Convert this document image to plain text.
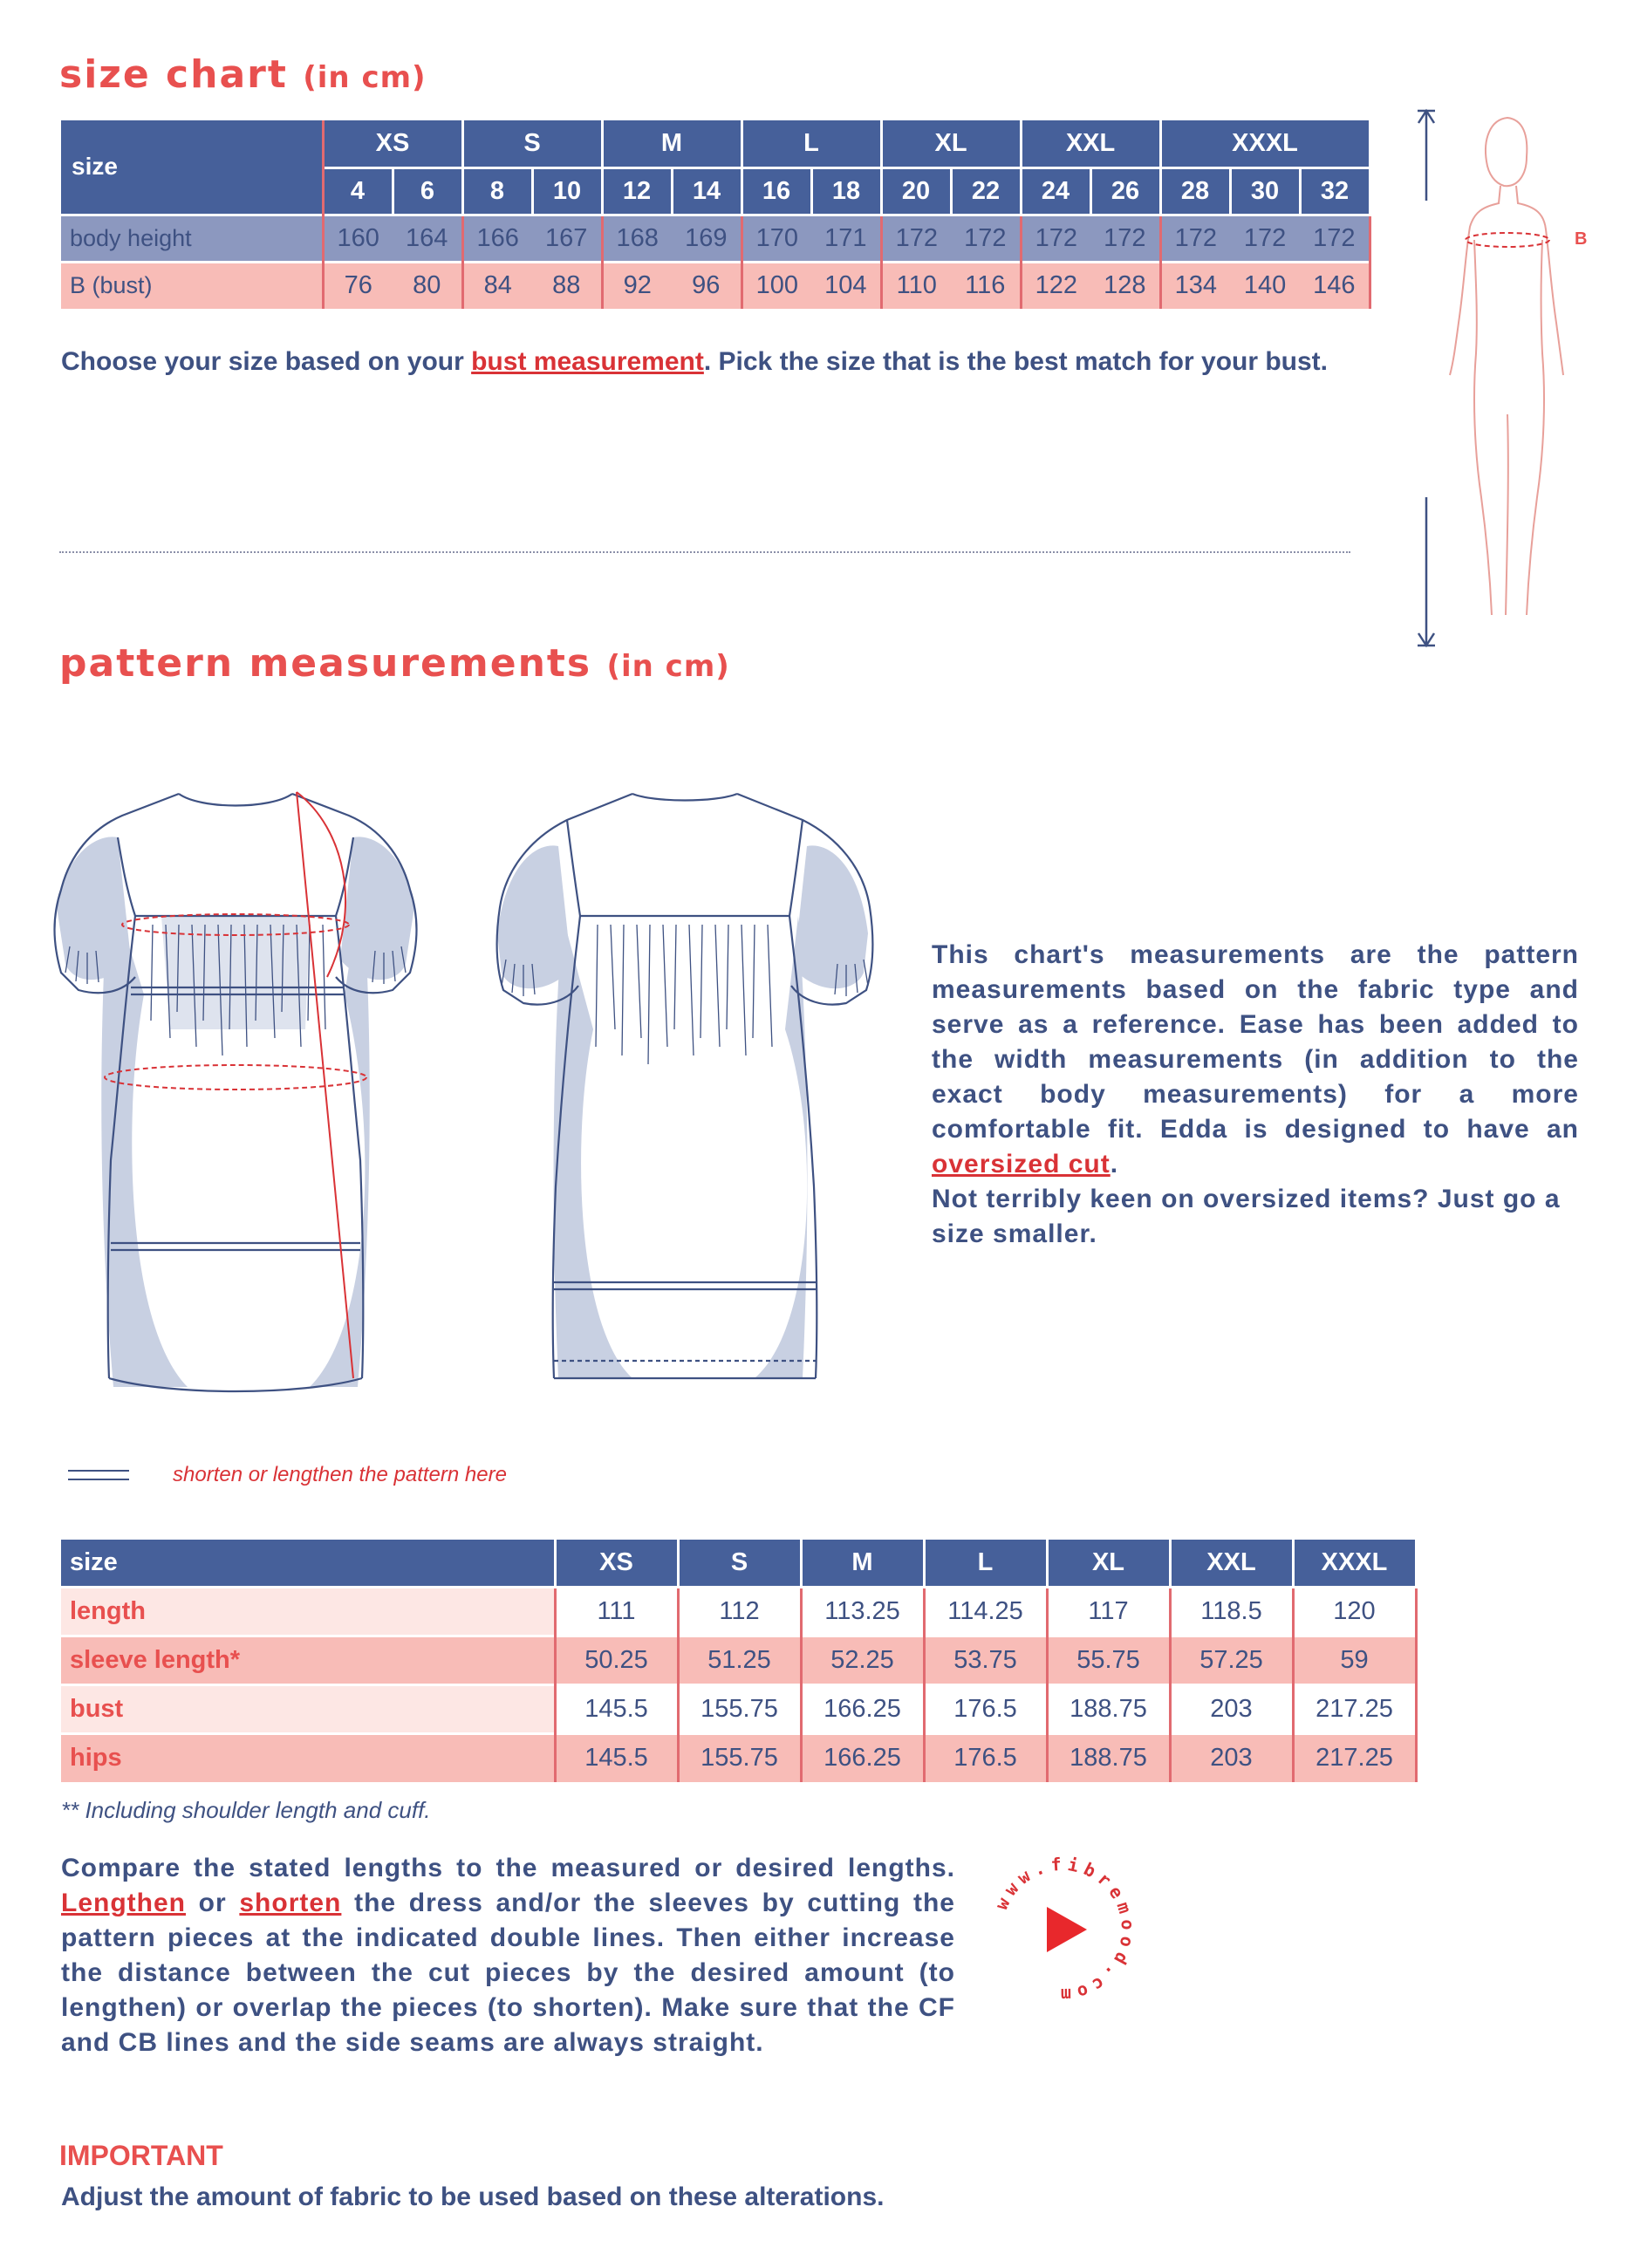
size chart (in cm)
size	XS		S		M		L		XL		XXL		XXXL		
	4	6	8	10	12	14	16	18	20	22	24	26	28	30	32
body height	160	164	166	167	168	169	170	171	172	172	172	172	172	172	172
B (bust)	76	80	84	88	92	96	100	104	110	116	122	128	134	140	146
Choose your size based on your bust measurement. Pick the size that is the best match for your bust.
B
pattern measurements (in cm)
This chart's measurements are the pattern measurements based on the fabric type and serve as a reference. Ease has been added to the width measurements (in addition to the exact body measurements) for a more comfortable fit. Edda is designed to have an oversized cut.
Not terribly keen on oversized items? Just go a size smaller.
shorten or lengthen the pattern here
size	XS	S	M	L	XL	XXL	XXXL
length	111	112	113.25	114.25	117	118.5	120
sleeve length*	50.25	51.25	52.25	53.75	55.75	57.25	59
bust	145.5	155.75	166.25	176.5	188.75	203	217.25
hips	145.5	155.75	166.25	176.5	188.75	203	217.25
** Including shoulder length and cuff.
Compare the stated lengths to the measured or desired lengths. Lengthen or shorten the dress and/or the sleeves by cutting the pattern pieces at the indicated double lines. Then either increase the distance between the cut pieces by the desired amount (to lengthen) or overlap the pieces (to shorten). Make sure that the CF and CB lines and the side seams are always straight.
www.fibremood.com
IMPORTANT
Adjust the amount of fabric to be used based on these alterations.
